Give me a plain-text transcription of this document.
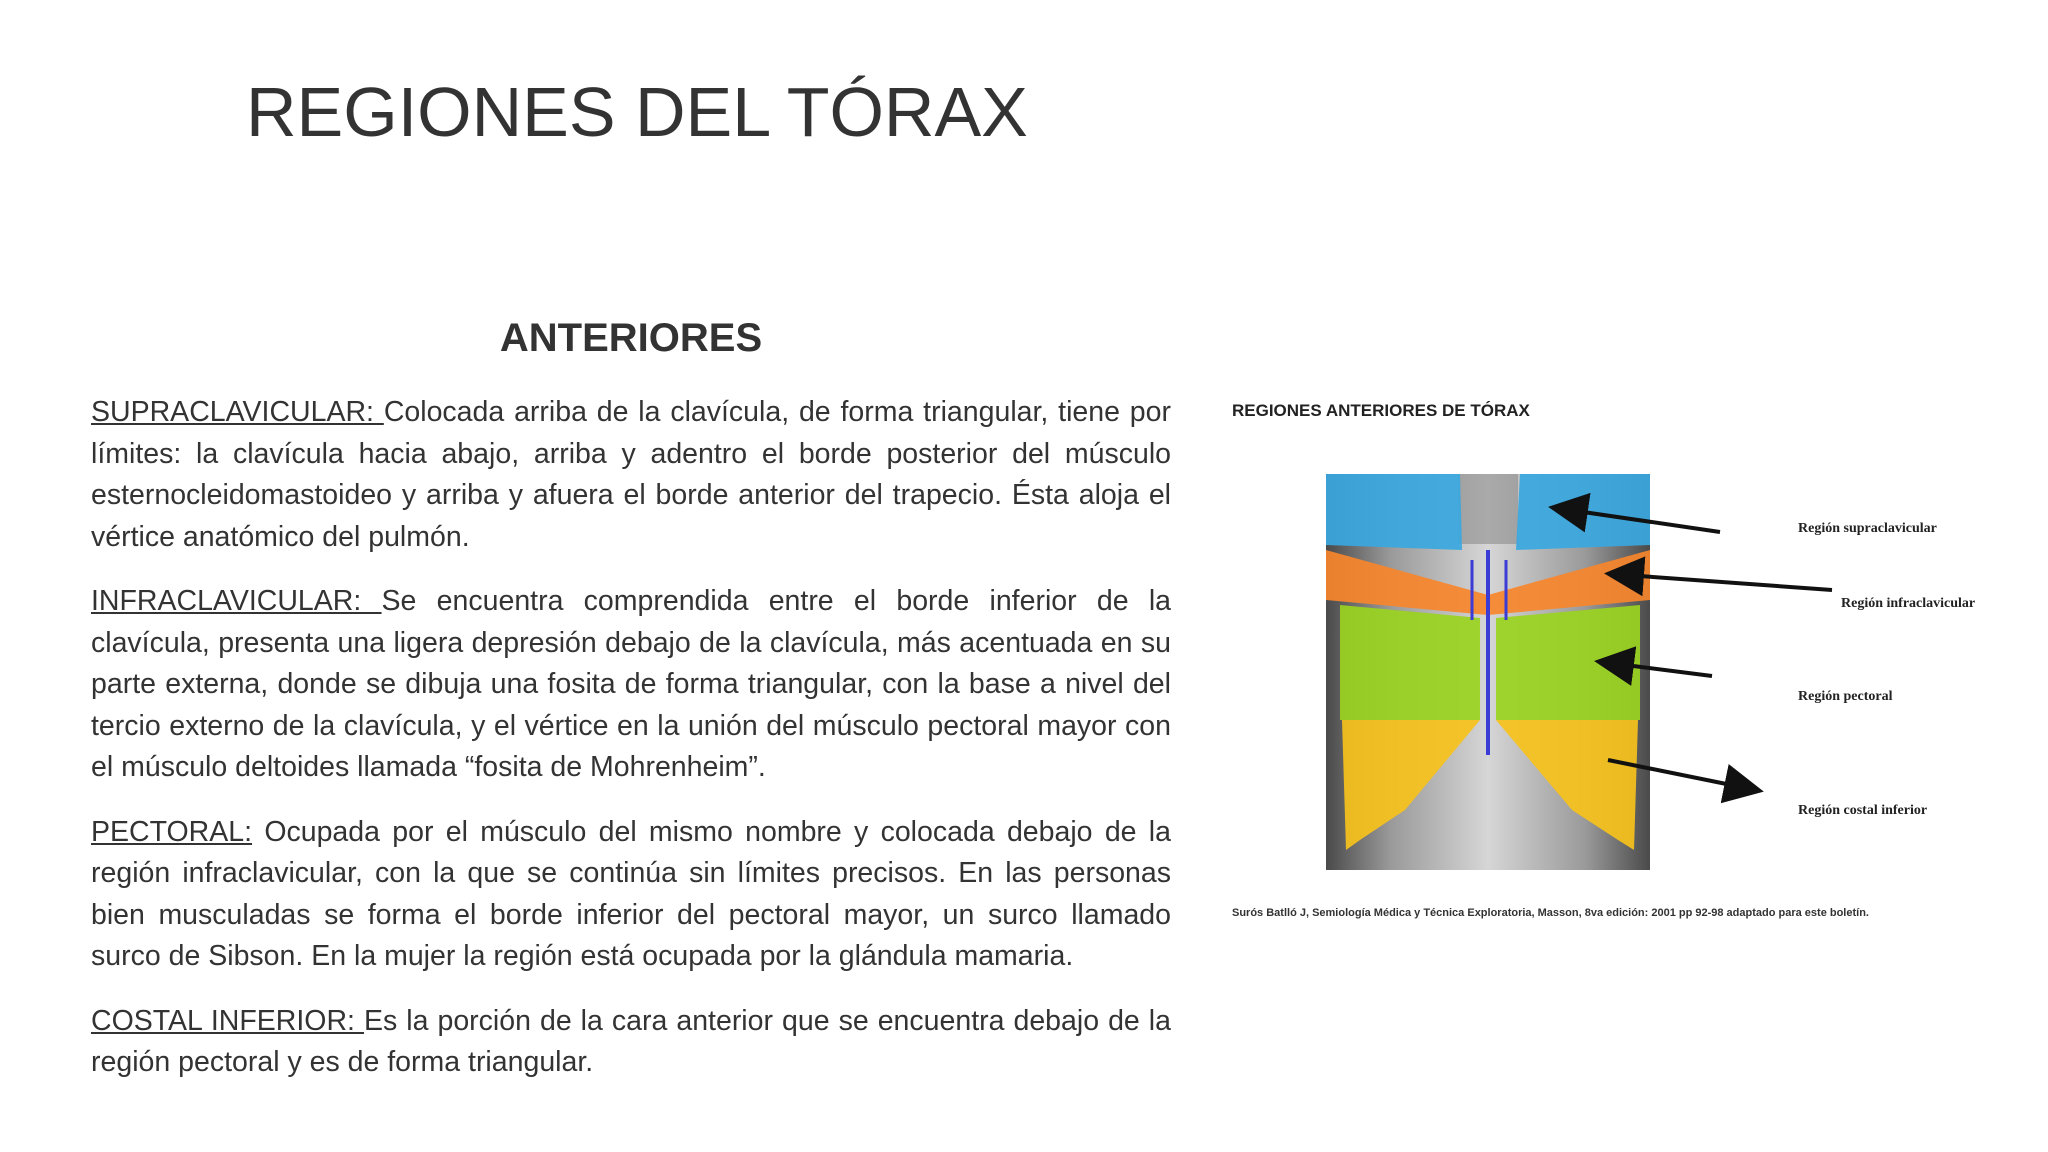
REGIONES DEL TÓRAX
ANTERIORES

SUPRACLAVICULAR: Colocada arriba de la clavícula, de forma triangular, tiene por límites: la clavícula hacia abajo, arriba y adentro el borde posterior del músculo esternocleidomastoideo y arriba y afuera el borde anterior del trapecio. Ésta aloja el vértice anatómico del pulmón.

INFRACLAVICULAR: Se encuentra comprendida entre el borde inferior de la clavícula, presenta una ligera depresión debajo de la clavícula, más acentuada en su parte externa, donde se dibuja una fosita de forma triangular, con la base a nivel del tercio externo de la clavícula, y el vértice en la unión del músculo pectoral mayor con el músculo deltoides llamada “fosita de Mohrenheim”.

PECTORAL: Ocupada por el músculo del mismo nombre y colocada debajo de la región infraclavicular, con la que se continúa sin límites precisos. En las personas bien musculadas se forma el borde inferior del pectoral mayor, un surco llamado surco de Sibson. En la mujer la región está ocupada por la glándula mamaria.

COSTAL INFERIOR: Es la porción de la cara anterior que se encuentra debajo de la región pectoral y es de forma triangular.

REGIONES ANTERIORES DE TÓRAX
Región supraclavicular
Región infraclavicular
Región pectoral
Región costal inferior
Surós Batlló J, Semiología Médica y Técnica Exploratoria, Masson, 8va edición: 2001 pp 92-98 adaptado para este boletín.
